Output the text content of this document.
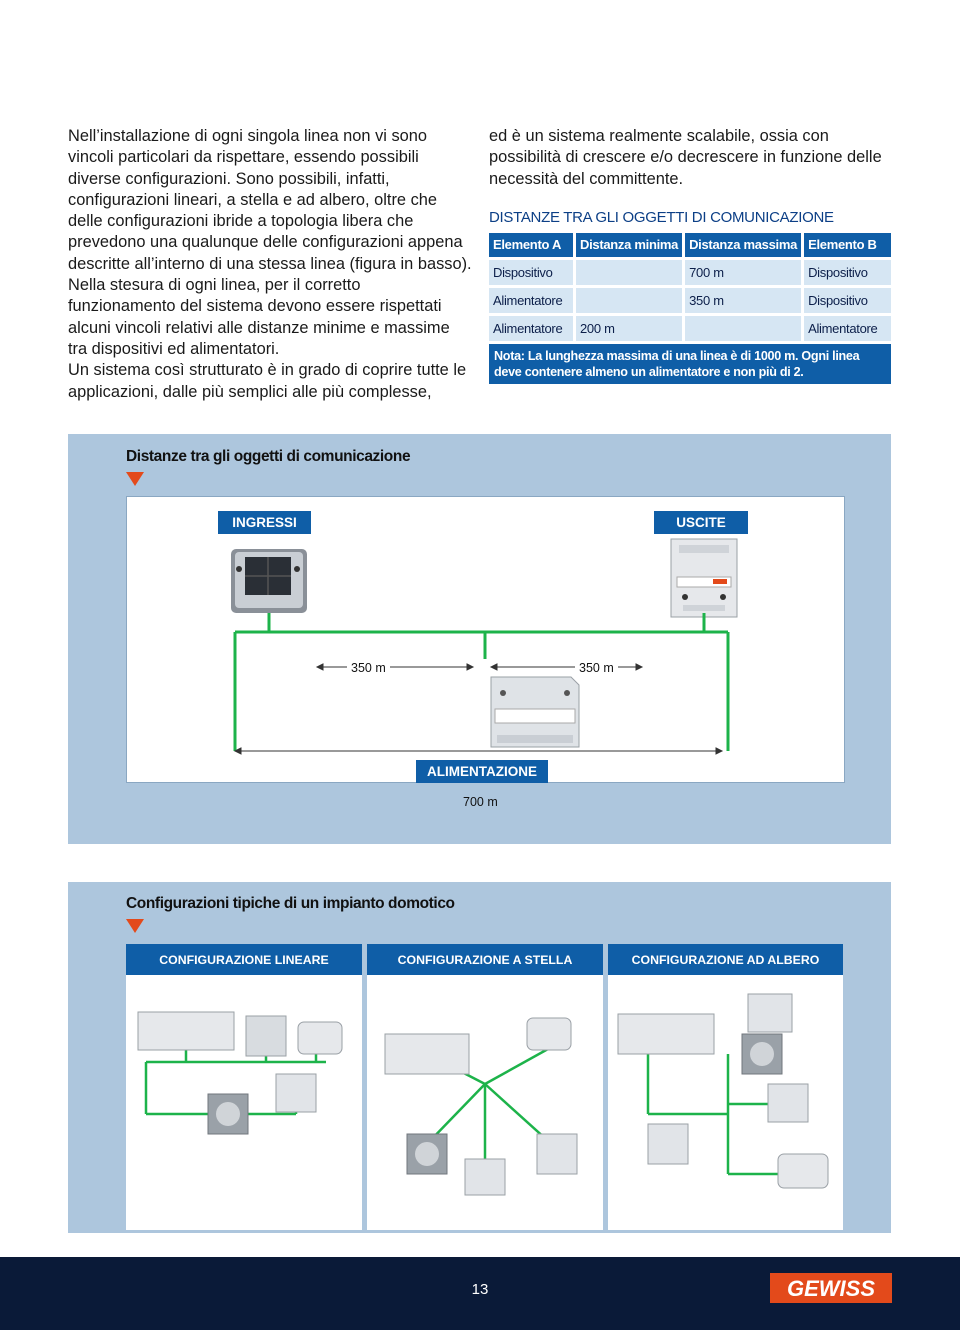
Nell’installazione di ogni singola linea non vi sono vincoli particolari da rispettare, essendo possibili diverse configurazioni. Sono possibili, infatti, configurazioni lineari, a stella e ad albero, oltre che delle configurazioni ibride a topologia libera che prevedono una qualunque delle configurazioni appena descritte all’interno di una stessa linea (figura in basso). Nella stesura di ogni linea, per il corretto funzionamento del sistema devono essere rispettati alcuni vincoli relativi alle distanze minime e massime tra dispositivi ed alimentatori.

Un sistema così strutturato è in grado di coprire tutte le applicazioni, dalle più semplici alle più complesse,

ed è un sistema realmente scalabile, ossia con possibilità di crescere e/o decrescere in funzione delle necessità del committente.

DISTANZE TRA GLI OGGETTI DI COMUNICAZIONE
Elemento A	Distanza minima	Distanza massima	Elemento B
Dispositivo		700 m	Dispositivo
Alimentatore		350 m	Dispositivo
Alimentatore	200 m		Alimentatore
Nota: La lunghezza massima di una linea è di 1000 m. Ogni linea deve contenere almeno un alimentatore e non più di 2.
Distanze tra gli oggetti di comunicazione
INGRESSI	USCITE
350 m	350 m
ALIMENTAZIONE
700 m
Configurazioni tipiche di un impianto domotico
CONFIGURAZIONE LINEARE	CONFIGURAZIONE A STELLA	CONFIGURAZIONE AD ALBERO
13	GEWISS
